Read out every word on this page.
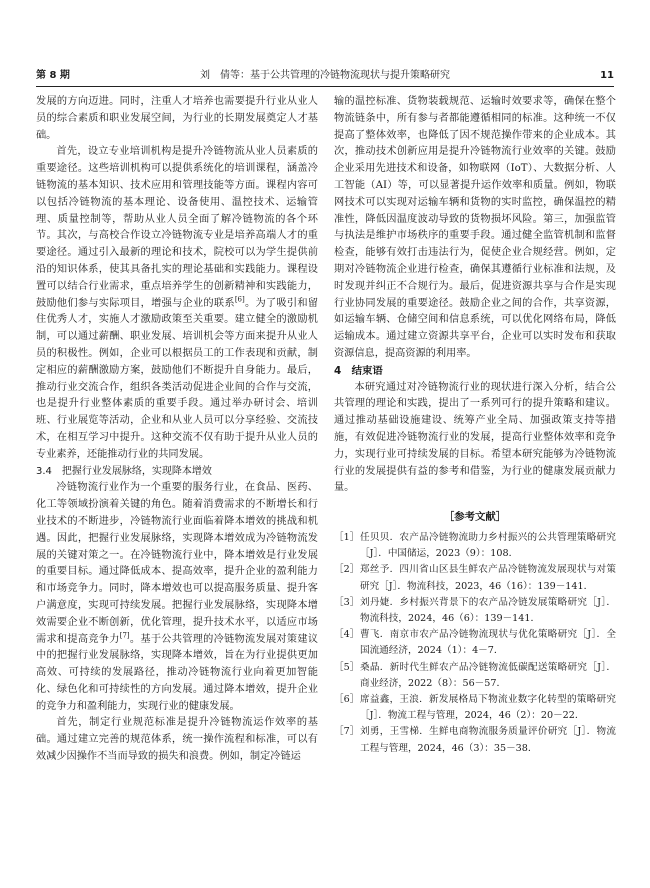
第 8 期	刘　倩等：基于公共管理的冷链物流现状与提升策略研究	11

发展的方向迈进。同时，注重人才培养也需要提升行业从业人员的综合素质和职业发展空间，为行业的长期发展奠定人才基础。

首先，设立专业培训机构是提升冷链物流从业人员素质的重要途径。这些培训机构可以提供系统化的培训课程，涵盖冷链物流的基本知识、技术应用和管理技能等方面。课程内容可以包括冷链物流的基本理论、设备使用、温控技术、运输管理、质量控制等，帮助从业人员全面了解冷链物流的各个环节。其次，与高校合作设立冷链物流专业是培养高端人才的重要途径。通过引入最新的理论和技术，院校可以为学生提供前沿的知识体系，使其具备扎实的理论基础和实践能力。课程设置可以结合行业需求，重点培养学生的创新精神和实践能力，鼓励他们参与实际项目，增强与企业的联系[6]。为了吸引和留住优秀人才，实施人才激励政策至关重要。建立健全的激励机制，可以通过薪酬、职业发展、培训机会等方面来提升从业人员的积极性。例如，企业可以根据员工的工作表现和贡献，制定相应的薪酬激励方案，鼓励他们不断提升自身能力。最后，推动行业交流合作，组织各类活动促进企业间的合作与交流，也是提升行业整体素质的重要手段。通过举办研讨会、培训班、行业展览等活动，企业和从业人员可以分享经验、交流技术，在相互学习中提升。这种交流不仅有助于提升从业人员的专业素养，还能推动行业的共同发展。

3.4　把握行业发展脉络，实现降本增效

冷链物流行业作为一个重要的服务行业，在食品、医药、化工等领域扮演着关键的角色。随着消费需求的不断增长和行业技术的不断进步，冷链物流行业面临着降本增效的挑战和机遇。因此，把握行业发展脉络，实现降本增效成为冷链物流发展的关键对策之一。在冷链物流行业中，降本增效是行业发展的重要目标。通过降低成本、提高效率，提升企业的盈利能力和市场竞争力。同时，降本增效也可以提高服务质量、提升客户满意度，实现可持续发展。把握行业发展脉络，实现降本增效需要企业不断创新，优化管理，提升技术水平，以适应市场需求和提高竞争力[7]。基于公共管理的冷链物流发展对策建议中的把握行业发展脉络，实现降本增效，旨在为行业提供更加高效、可持续的发展路径，推动冷链物流行业向着更加智能化、绿色化和可持续性的方向发展。通过降本增效，提升企业的竞争力和盈利能力，实现行业的健康发展。

首先，制定行业规范标准是提升冷链物流运作效率的基础。通过建立完善的规范体系，统一操作流程和标准，可以有效减少因操作不当而导致的损失和浪费。例如，制定冷链运

输的温控标准、货物装载规范、运输时效要求等，确保在整个物流链条中，所有参与者都能遵循相同的标准。这种统一不仅提高了整体效率，也降低了因不规范操作带来的企业成本。其次，推动技术创新应用是提升冷链物流行业效率的关键。鼓励企业采用先进技术和设备，如物联网（IoT）、大数据分析、人工智能（AI）等，可以显著提升运作效率和质量。例如，物联网技术可以实现对运输车辆和货物的实时监控，确保温控的精准性，降低因温度波动导致的货物损坏风险。第三，加强监管与执法是维护市场秩序的重要手段。通过健全监管机制和监督检查，能够有效打击违法行为，促使企业合规经营。例如，定期对冷链物流企业进行检查，确保其遵循行业标准和法规，及时发现并纠正不合规行为。最后，促进资源共享与合作是实现行业协同发展的重要途径。鼓励企业之间的合作，共享资源，如运输车辆、仓储空间和信息系统，可以优化网络布局，降低运输成本。通过建立资源共享平台，企业可以实时发布和获取资源信息，提高资源的利用率。

4　结束语

本研究通过对冷链物流行业的现状进行深入分析，结合公共管理的理论和实践，提出了一系列可行的提升策略和建议。通过推动基础设施建设、统筹产业全局、加强政策支持等措施，有效促进冷链物流行业的发展，提高行业整体效率和竞争力，实现行业可持续发展的目标。希望本研究能够为冷链物流行业的发展提供有益的参考和借鉴，为行业的健康发展贡献力量。

［参考文献］
［1］ 任贝贝．农产品冷链物流助力乡村振兴的公共管理策略研究［J］．中国储运，2023（9）：108．
［2］ 郑丝予．四川省山区县生鲜农产品冷链物流发展现状与对策研究［J］．物流科技，2023，46（16）：139－141．
［3］ 刘丹婕．乡村振兴背景下的农产品冷链发展策略研究［J］．物流科技，2024，46（6）：139－141．
［4］ 曹飞．南京市农产品冷链物流现状与优化策略研究［J］．全国流通经济，2024（1）：4－7．
［5］ 桑晶．新时代生鲜农产品冷链物流低碳配送策略研究［J］．商业经济，2022（8）：56－57．
［6］ 席益鑫，王浪．新发展格局下物流业数字化转型的策略研究［J］．物流工程与管理，2024，46（2）：20－22．
［7］ 刘勇，王雪梯．生鲜电商物流服务质量评价研究［J］．物流工程与管理，2024，46（3）：35－38．
